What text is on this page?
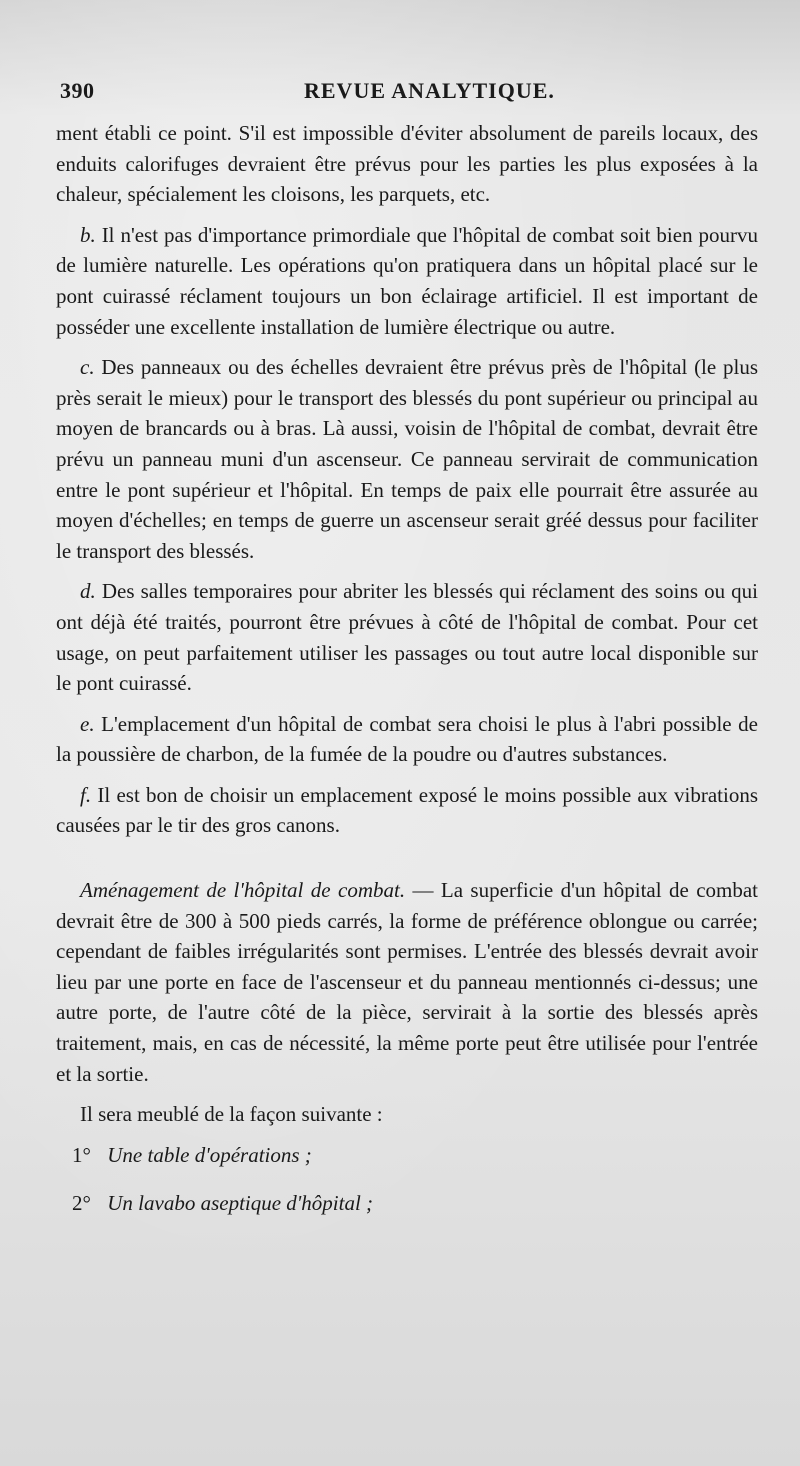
390	REVUE ANALYTIQUE.

ment établi ce point. S'il est impossible d'éviter absolument de pareils locaux, des enduits calorifuges devraient être prévus pour les parties les plus exposées à la chaleur, spécialement les cloisons, les parquets, etc.

b. Il n'est pas d'importance primordiale que l'hôpital de combat soit bien pourvu de lumière naturelle. Les opérations qu'on pratiquera dans un hôpital placé sur le pont cuirassé réclament toujours un bon éclairage artificiel. Il est important de posséder une excellente installation de lumière électrique ou autre.

c. Des panneaux ou des échelles devraient être prévus près de l'hôpital (le plus près serait le mieux) pour le transport des blessés du pont supérieur ou principal au moyen de brancards ou à bras. Là aussi, voisin de l'hôpital de combat, devrait être prévu un panneau muni d'un ascenseur. Ce panneau servirait de communication entre le pont supérieur et l'hôpital. En temps de paix elle pourrait être assurée au moyen d'échelles; en temps de guerre un ascenseur serait gréé dessus pour faciliter le transport des blessés.

d. Des salles temporaires pour abriter les blessés qui réclament des soins ou qui ont déjà été traités, pourront être prévues à côté de l'hôpital de combat. Pour cet usage, on peut parfaitement utiliser les passages ou tout autre local disponible sur le pont cuirassé.

e. L'emplacement d'un hôpital de combat sera choisi le plus à l'abri possible de la poussière de charbon, de la fumée de la poudre ou d'autres substances.

f. Il est bon de choisir un emplacement exposé le moins possible aux vibrations causées par le tir des gros canons.

Aménagement de l'hôpital de combat. — La superficie d'un hôpital de combat devrait être de 300 à 500 pieds carrés, la forme de préférence oblongue ou carrée; cependant de faibles irrégularités sont permises. L'entrée des blessés devrait avoir lieu par une porte en face de l'ascenseur et du panneau mentionnés ci-dessus; une autre porte, de l'autre côté de la pièce, servirait à la sortie des blessés après traitement, mais, en cas de nécessité, la même porte peut être utilisée pour l'entrée et la sortie.

Il sera meublé de la façon suivante :

1° Une table d'opérations ;
2° Un lavabo aseptique d'hôpital ;
